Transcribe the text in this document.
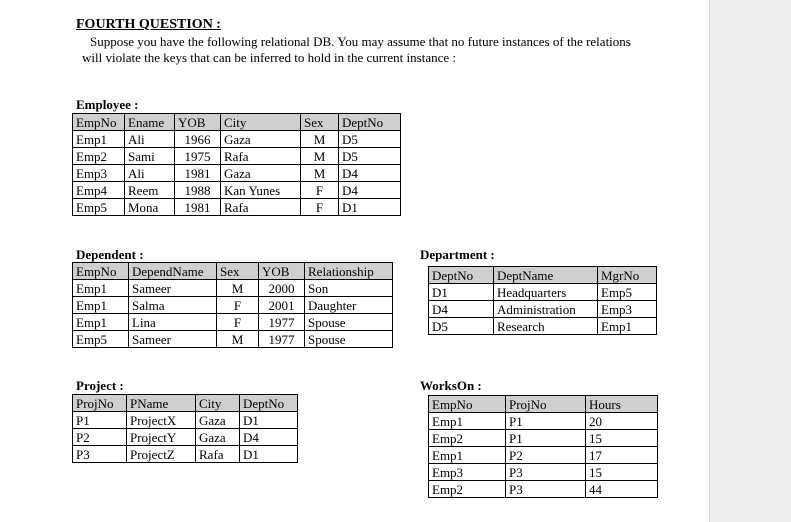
FOURTH QUESTION :

Suppose you have the following relational DB. You may assume that no future instances of the relations will violate the keys that can be inferred to hold in the current instance :

Employee :

EmpNo	Ename	YOB	City	Sex	DeptNo
Emp1	Ali	1966	Gaza	M	D5
Emp2	Sami	1975	Rafa	M	D5
Emp3	Ali	1981	Gaza	M	D4
Emp4	Reem	1988	Kan Yunes	F	D4
Emp5	Mona	1981	Rafa	F	D1

Dependent :

EmpNo	DependName	Sex	YOB	Relationship
Emp1	Sameer	M	2000	Son
Emp1	Salma	F	2001	Daughter
Emp1	Lina	F	1977	Spouse
Emp5	Sameer	M	1977	Spouse

Department :

DeptNo	DeptName	MgrNo
D1	Headquarters	Emp5
D4	Administration	Emp3
D5	Research	Emp1

Project :

ProjNo	PName	City	DeptNo
P1	ProjectX	Gaza	D1
P2	ProjectY	Gaza	D4
P3	ProjectZ	Rafa	D1

WorksOn :

EmpNo	ProjNo	Hours
Emp1	P1	20
Emp2	P1	15
Emp1	P2	17
Emp3	P3	15
Emp2	P3	44
